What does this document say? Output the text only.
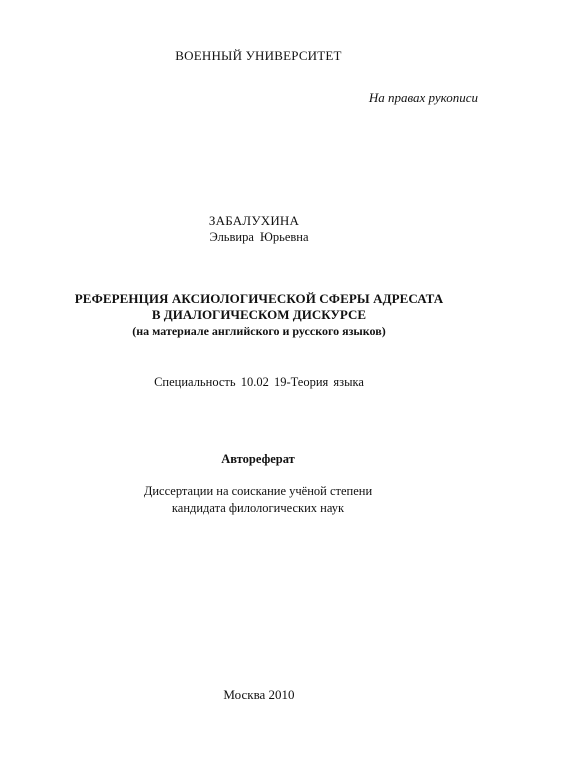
ВОЕННЫЙ УНИВЕРСИТЕТ
На правах рукописи
ЗАБАЛУХИНА
Эльвира Юрьевна
РЕФЕРЕНЦИЯ АКСИОЛОГИЧЕСКОЙ СФЕРЫ АДРЕСАТА
В ДИАЛОГИЧЕСКОМ ДИСКУРСЕ
(на материале английского и русского языков)
Специальность 10.02 19-Теория языка
Автореферат
Диссертации на соискание учёной степени
кандидата филологических наук
Москва 2010
